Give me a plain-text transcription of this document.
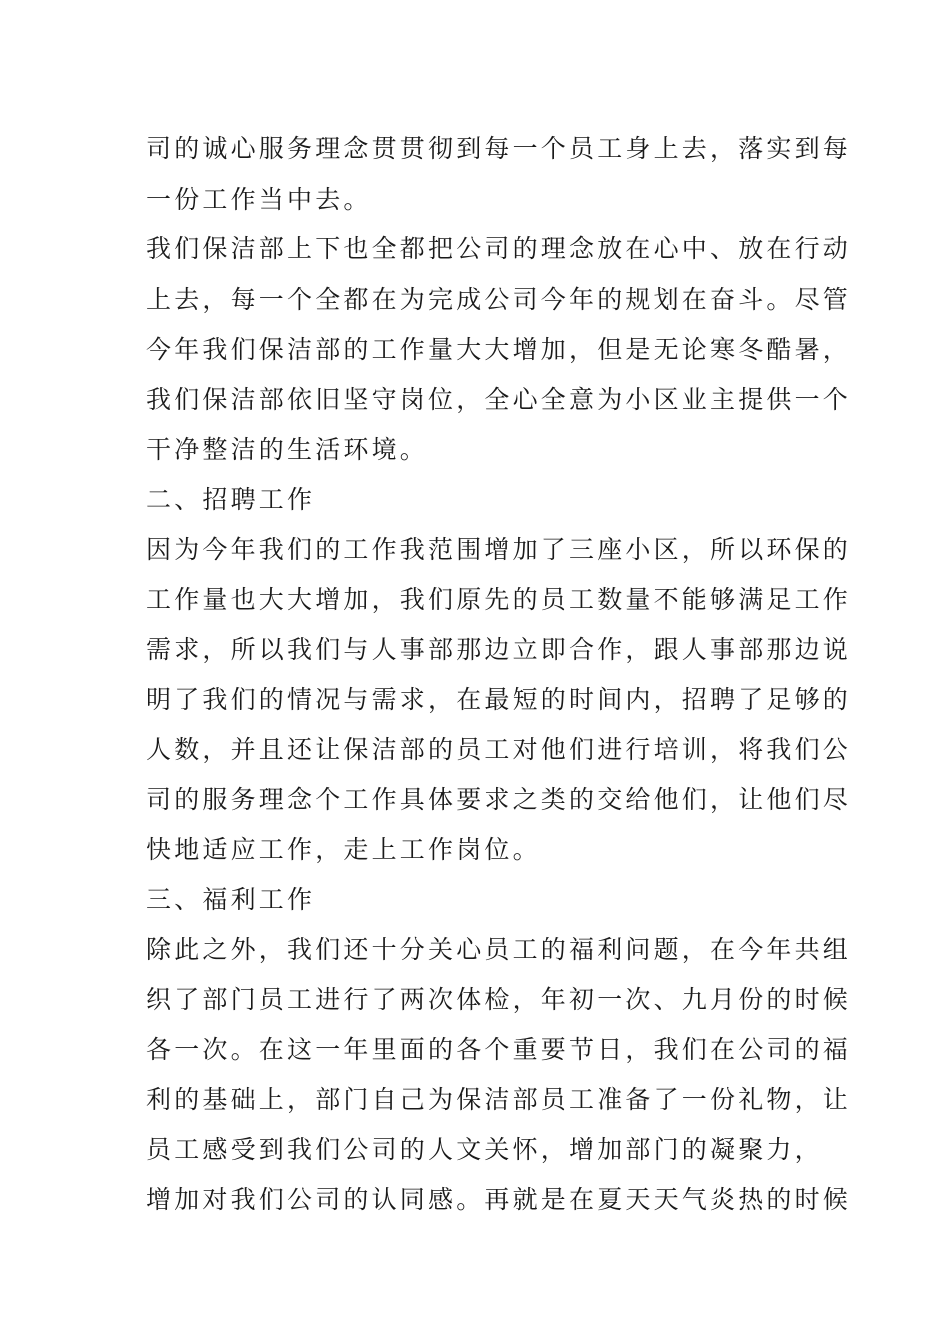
司的诚心服务理念贯贯彻到每一个员工身上去，落实到每

一份工作当中去。

我们保洁部上下也全都把公司的理念放在心中、放在行动

上去，每一个全都在为完成公司今年的规划在奋斗。尽管

今年我们保洁部的工作量大大增加，但是无论寒冬酷暑，

我们保洁部依旧坚守岗位，全心全意为小区业主提供一个

干净整洁的生活环境。

二、招聘工作

因为今年我们的工作我范围增加了三座小区，所以环保的

工作量也大大增加，我们原先的员工数量不能够满足工作

需求，所以我们与人事部那边立即合作，跟人事部那边说

明了我们的情况与需求，在最短的时间内，招聘了足够的

人数，并且还让保洁部的员工对他们进行培训，将我们公

司的服务理念个工作具体要求之类的交给他们，让他们尽

快地适应工作，走上工作岗位。

三、福利工作

除此之外，我们还十分关心员工的福利问题，在今年共组

织了部门员工进行了两次体检，年初一次、九月份的时候

各一次。在这一年里面的各个重要节日，我们在公司的福

利的基础上，部门自己为保洁部员工准备了一份礼物，让

员工感受到我们公司的人文关怀，增加部门的凝聚力，

增加对我们公司的认同感。再就是在夏天天气炎热的时候
